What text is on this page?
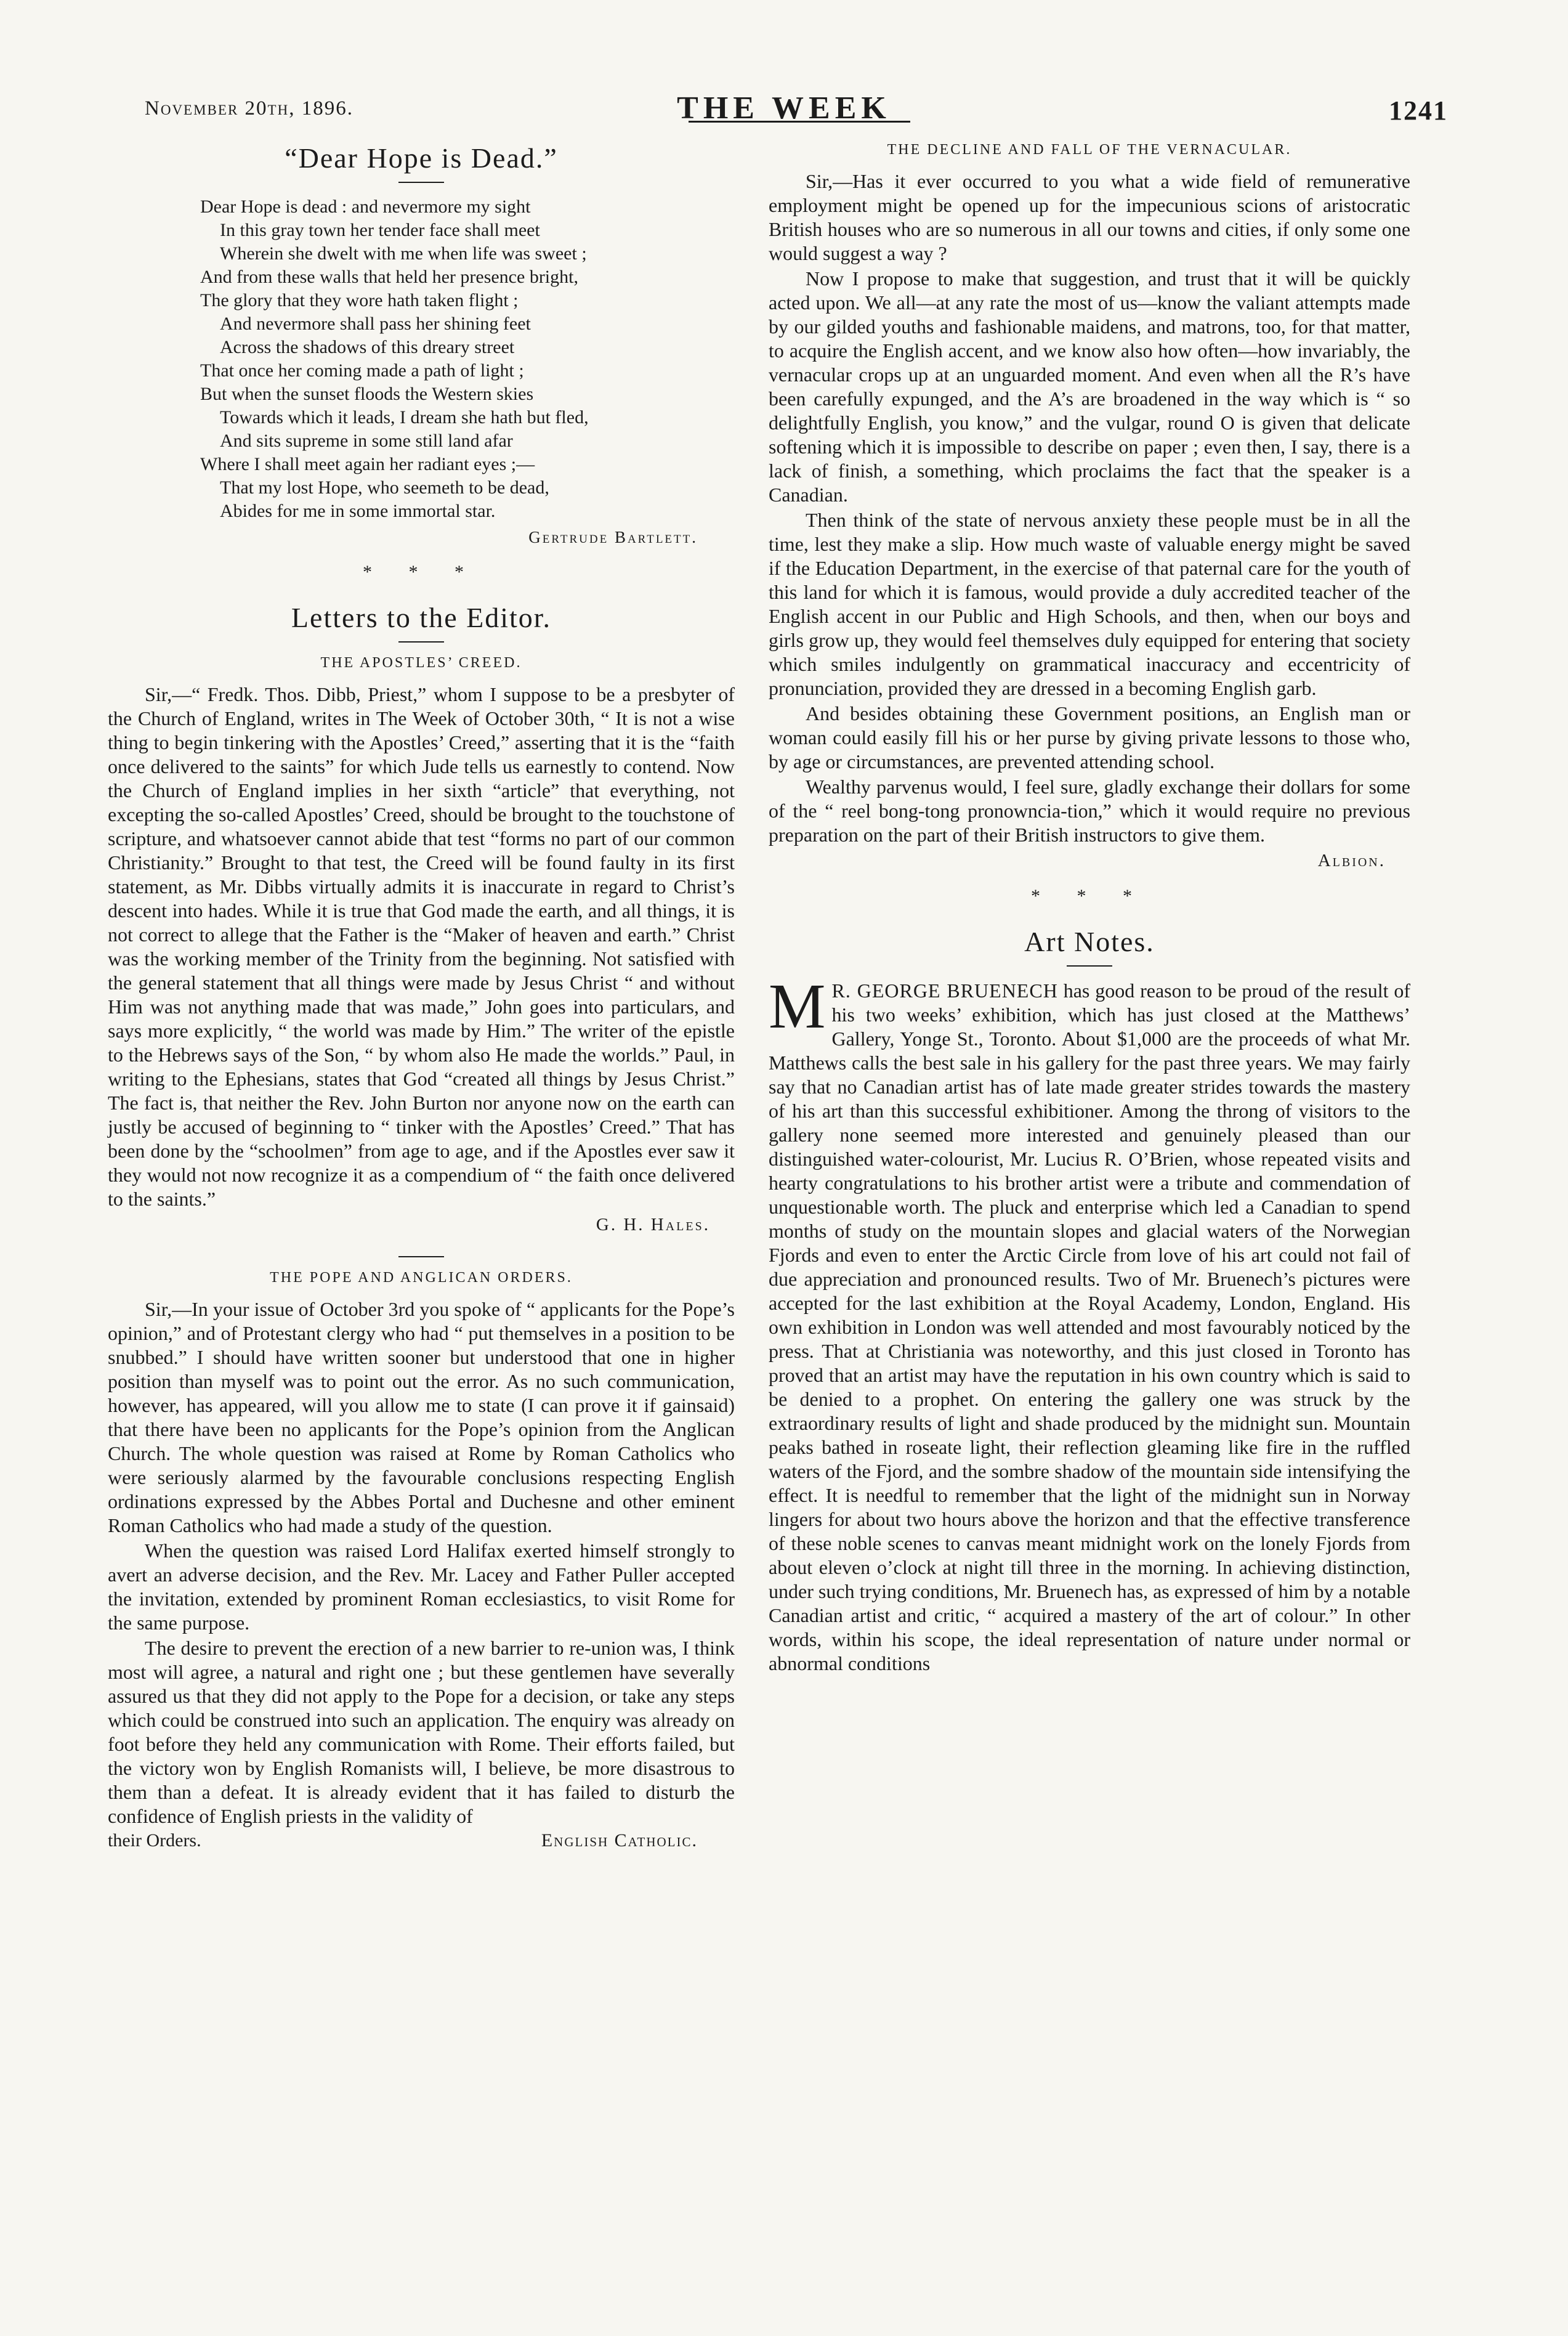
November 20th, 1896.	THE WEEK	1241
“Dear Hope is Dead.”
Dear Hope is dead : and nevermore my sight
In this gray town her tender face shall meet
Wherein she dwelt with me when life was sweet ;
And from these walls that held her presence bright,
The glory that they wore hath taken flight ;
And nevermore shall pass her shining feet
Across the shadows of this dreary street
That once her coming made a path of light ;
But when the sunset floods the Western skies
Towards which it leads, I dream she hath but fled,
And sits supreme in some still land afar
Where I shall meet again her radiant eyes ;—
That my lost Hope, who seemeth to be dead,
Abides for me in some immortal star.
Gertrude Bartlett.
* * *
Letters to the Editor.
THE APOSTLES’ CREED.

Sir,—“ Fredk. Thos. Dibb, Priest,” whom I suppose to be a presbyter of the Church of England, writes in The Week of October 30th, “ It is not a wise thing to begin tinkering with the Apostles’ Creed,” asserting that it is the “faith once delivered to the saints” for which Jude tells us earnestly to contend. Now the Church of England implies in her sixth “article” that everything, not excepting the so-called Apostles’ Creed, should be brought to the touchstone of scripture, and whatsoever cannot abide that test “forms no part of our common Christianity.” Brought to that test, the Creed will be found faulty in its first statement, as Mr. Dibbs virtually admits it is inaccurate in regard to Christ’s descent into hades. While it is true that God made the earth, and all things, it is not correct to allege that the Father is the “Maker of heaven and earth.” Christ was the working member of the Trinity from the beginning. Not satisfied with the general statement that all things were made by Jesus Christ “ and without Him was not anything made that was made,” John goes into particulars, and says more explicitly, “ the world was made by Him.” The writer of the epistle to the Hebrews says of the Son, “ by whom also He made the worlds.” Paul, in writing to the Ephesians, states that God “created all things by Jesus Christ.” The fact is, that neither the Rev. John Burton nor anyone now on the earth can justly be accused of beginning to “ tinker with the Apostles’ Creed.” That has been done by the “schoolmen” from age to age, and if the Apostles ever saw it they would not now recognize it as a compendium of “ the faith once delivered to the saints.”

G. H. Hales.
THE POPE AND ANGLICAN ORDERS.

Sir,—In your issue of October 3rd you spoke of “ applicants for the Pope’s opinion,” and of Protestant clergy who had “ put themselves in a position to be snubbed.” I should have written sooner but understood that one in higher position than myself was to point out the error. As no such communication, however, has appeared, will you allow me to state (I can prove it if gainsaid) that there have been no applicants for the Pope’s opinion from the Anglican Church. The whole question was raised at Rome by Roman Catholics who were seriously alarmed by the favourable conclusions respecting English ordinations expressed by the Abbes Portal and Duchesne and other eminent Roman Catholics who had made a study of the question.

When the question was raised Lord Halifax exerted himself strongly to avert an adverse decision, and the Rev. Mr. Lacey and Father Puller accepted the invitation, extended by prominent Roman ecclesiastics, to visit Rome for the same purpose.

The desire to prevent the erection of a new barrier to re-union was, I think most will agree, a natural and right one ; but these gentlemen have severally assured us that they did not apply to the Pope for a decision, or take any steps which could be construed into such an application. The enquiry was already on foot before they held any communication with Rome. Their efforts failed, but the victory won by English Romanists will, I believe, be more disastrous to them than a defeat. It is already evident that it has failed to disturb the confidence of English priests in the validity of

their Orders.	English Catholic.
THE DECLINE AND FALL OF THE VERNACULAR.

Sir,—Has it ever occurred to you what a wide field of remunerative employment might be opened up for the impecunious scions of aristocratic British houses who are so numerous in all our towns and cities, if only some one would suggest a way ?

Now I propose to make that suggestion, and trust that it will be quickly acted upon. We all—at any rate the most of us—know the valiant attempts made by our gilded youths and fashionable maidens, and matrons, too, for that matter, to acquire the English accent, and we know also how often—how invariably, the vernacular crops up at an unguarded moment. And even when all the R’s have been carefully expunged, and the A’s are broadened in the way which is “ so delightfully English, you know,” and the vulgar, round O is given that delicate softening which it is impossible to describe on paper ; even then, I say, there is a lack of finish, a something, which proclaims the fact that the speaker is a Canadian.

Then think of the state of nervous anxiety these people must be in all the time, lest they make a slip. How much waste of valuable energy might be saved if the Education Department, in the exercise of that paternal care for the youth of this land for which it is famous, would provide a duly accredited teacher of the English accent in our Public and High Schools, and then, when our boys and girls grow up, they would feel themselves duly equipped for entering that society which smiles indulgently on grammatical inaccuracy and eccentricity of pronunciation, provided they are dressed in a becoming English garb.

And besides obtaining these Government positions, an English man or woman could easily fill his or her purse by giving private lessons to those who, by age or circumstances, are prevented attending school.

Wealthy parvenus would, I feel sure, gladly exchange their dollars for some of the “ reel bong-tong pronowncia-tion,” which it would require no previous preparation on the part of their British instructors to give them.

Albion.
* * *
Art Notes.

M R. GEORGE BRUENECH has good reason to be proud of the result of his two weeks’ exhibition, which has just closed at the Matthews’ Gallery, Yonge St., Toronto. About $1,000 are the proceeds of what Mr. Matthews calls the best sale in his gallery for the past three years. We may fairly say that no Canadian artist has of late made greater strides towards the mastery of his art than this successful exhibitioner. Among the throng of visitors to the gallery none seemed more interested and genuinely pleased than our distinguished water-colourist, Mr. Lucius R. O’Brien, whose repeated visits and hearty congratulations to his brother artist were a tribute and commendation of unquestionable worth. The pluck and enterprise which led a Canadian to spend months of study on the mountain slopes and glacial waters of the Norwegian Fjords and even to enter the Arctic Circle from love of his art could not fail of due appreciation and pronounced results. Two of Mr. Bruenech’s pictures were accepted for the last exhibition at the Royal Academy, London, England. His own exhibition in London was well attended and most favourably noticed by the press. That at Christiania was noteworthy, and this just closed in Toronto has proved that an artist may have the reputation in his own country which is said to be denied to a prophet. On entering the gallery one was struck by the extraordinary results of light and shade produced by the midnight sun. Mountain peaks bathed in roseate light, their reflection gleaming like fire in the ruffled waters of the Fjord, and the sombre shadow of the mountain side intensifying the effect. It is needful to remember that the light of the midnight sun in Norway lingers for about two hours above the horizon and that the effective transference of these noble scenes to canvas meant midnight work on the lonely Fjords from about eleven o’clock at night till three in the morning. In achieving distinction, under such trying conditions, Mr. Bruenech has, as expressed of him by a notable Canadian artist and critic, “ acquired a mastery of the art of colour.” In other words, within his scope, the ideal representation of nature under normal or abnormal conditions
